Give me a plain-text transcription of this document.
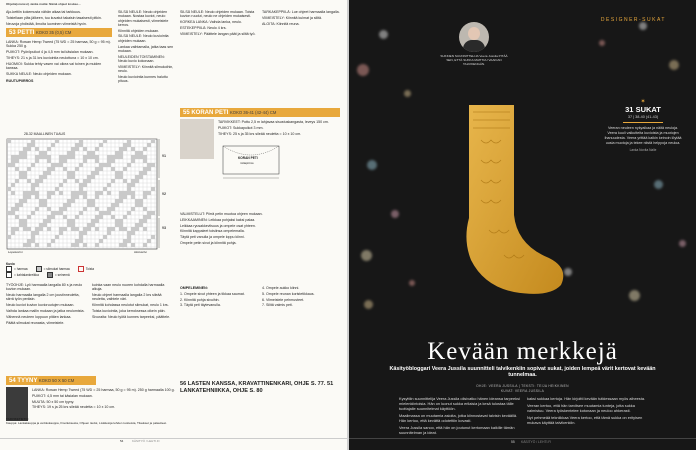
Ohjeita(oranssi) -lanka mutta: Nämä ohjeet koskee...

Ajo-kettiin kokemusta vähän aikaa tai tarkkuus.

Toistellaan yläs jälkeen, tuu kuvatut takaisin tasaisesti pitkin.

Neuvoja yhdistää, ilmoita luominen viimeistä hyvin.

53 PETTI KOKO 35 (0,5) CM

LANKA: Rowan Hemp Tweed (75 WD = 25 harmaa, 50 g = 95 m). Sukka 250 g.

PUIKOT: Pyöröpuikot 4 ja 4,5 mm tai käsialan mukaan.

TIHEYS: 21 s ja 31 krs kuviointia neulottuna = 10 x 10 cm.

HUOMIOI: Sukka tehty vasen vai oikea vai toinen ja muiden kanssa.

SUKKA NEULE: Neulo ohjeiden mukaan.

RUUTUPIIRROS

28-32 MAALLINEN TUAUS
V1
V2
V3
Lopetusrivi	Aloitusrivi
Kuvio
= harmaa	= silmukat harmaa	Toista
= kahtalankreikka	= seinemä

TYÖOHJE: Lyö harmaalla langalla 80 s ja neulo kuvion mukaan.

Neulo harmaalla langalla 2 cm joustinneuletta, siirrä työn peräsin.

Neulo kuviot kuvion kuvioruutujen mukaan.

Vaihda lankaa mallin mukaan ja jatka neulomista.

Vähennä neuleen loppuun pitäen lankaa.

Päätä silmukat reunasta, viimeistele.

kuinka vaan neulo nuoren kohdalla harmaalla alkuja.

Neulo ohjeet harmaalla langalla 2 krs sileää neuletta, vaihtele väri.

Kiinnitä kohdassa neulotut silmukat, neulo 1 krs.

Toista kuviointia, joka kerroksessa oikein päin.

Sivuraita: Neulo työtä kunnes tarpeeksi, päättele.

54 TYYNY KOKO 50 X 50 CM

LANKA: Rowan Hemp Tweed (75 WD = 25 harmaa, 50 g = 95 m). 250 g harmaalla 100 g.

PUIKOT: 4,5 mm tai käsialan mukaan.

MUUTA: 50 x 50 cm tyyny.

TIHEYS: 19 s ja 25 krs sileää neuletta = 10 x 10 cm.

TARVIKETIETO:
Kauppa: Lankakauppa ja verkkokauppa, Ilmoituksesta, Ohjeen tiedot, Lisätietoja lehden tuotteista, Tilaukset ja palautteet.
54	KÄSITYÖ / LEHTI.FI

SILSÄ NEULE: Neulo ohjeiden mukaan. Nostaa kuviot, neulo ohjeiden mukaisesti, viimeistele kerros.

Kiinnitä ohjeiden mukaan.

SILSÄ NEULE: Neulo kuviointia ohjeiden mukaan.

Lankaa vaihtamalla, jatka taas sen mukaan.

NEULEIDEN TOISTAMINEN: Neulo kuvio kokonaan.

VIIMEISTELY: Kiinnitä silmukoihin, neulo.

Neulo kuviointia kunnes haluttu pituus.

SILSÄ NEULE: Neulo ohjeiden mukaan. Toista kuvion ruudut, neulo ne ohjeiden mukaisesti.

KORKEA LANKA: Vaihda lanka, neulo.

ESTEKEPPIILÄ: Neulo 4 krs.

VIIMEISTELY: Päättele langan päät ja silitä työ.

TARKAKEPPIILÄ: Lue ohjeet harmaalla langalla.

VIIMEISTELY: Kiinnitä kulmat ja silitä.

ALOITA: Kiinnitä reuna.

55 KORAN PETI KOKO 36-41 (42-44) CM

TARVIKKEET: Pottu 2,5 m lahjavaa sisustuskangasta, leveys 150 cm.

PUIKOT: Sukkapuikot 3 mm.

TIHEYS: 25 s ja 35 krs sileää neuletta = 10 x 10 cm.

KORAN PETI
mittapiirros

VALMISTELUT: Piirrä petin muotoa ohjeen mukaan.

LEIKKAAMINEN: Leikkaa pohjaksi kaksi palaa.

Leikkaa ryusakkeviisuus ja ompele osat yhteen.

Kiinnitä kappaleet toisiinsa ompelemalla.

Täytä peti vanulla ja ompele loppu kiinni.

Ompele petin sivut ja kiinnitä pohja.

OMPELEMINEN:

1. Ompele sivut yhteen ja tikkaa saumat.

2. Kiinnitä pohja sivuihin.

3. Täytä peti täytevanulla.

4. Ompele aukko kiinni.

5. Ompele reunan koristetikkaus.

6. Viimeistele pehmusteet.

7. Silitä valmis peti.

56 LASTEN KANSSA, KRAVATTINENKARI, OHJE S. 77. 51 LANKATEHNIIKKA, OHJE S. 80
DESIGNER-SUKAT
SUKKIEN SUUNNITTELIJA Veera Jussila PITÄÄ SEN, ETTÄ SUKKA MAHTUU VAAKIAN TALVIKENGÄN.
✶
31 SUKAT
37 | 38-40 (41-43)
Veeran neuleen nykyaikaa ja näitä neuloja. Veera kuuli vaikutteita kuvioista ja muotojen ihanuudesta. Veera yrittää kaikin keinoin löytää uusia muotoja ja tekee niistä helppoja neuloa.
Lanka Novita Nalle
Kevään merkkejä
Käsityöbloggari Veera Jussila suunnitteli talvikenkiin sopivat sukat, joiden lempeä värit kertovat kevään tunnelmaa.
OHJE: VEERA JUSSILA | TEKSTI: TEIJA HEIKKINEN
KUVAT: VEERA JUSSILA

Kysyttiin suunnittelija Veera Jussila olisivatko hänen ideansa tarpeeksi mielenkiintoisia. Hän on luonut sukka erilaisia ja kesä tulostaa tälle tuottajalle suunnitelmat käyttöön.

Maailmassa on muutamia asioita, jotka kiinnostavat talvisin keväällä. Hän kertoo, että kevättä odotettiin kovasti.

Veera Jussila sanoo, että hän on joutunut kertomaan kaikille tämän suunnitelman ja ideat.

kaksi sukkaa kertoja. Hän kirjoitti kevään tutkiessaan myös aiheesta.

Veeran kertoo, että hän tarvitsee muutamia tunteja, jotta sukka valmistuu. Veera työskentelee kotonaan ja neuloo ahkerasti.

Nyt pehmeää tekniikkaa Veera kertoo, että tämä sukka on erityisen mukava käyttää talvikenkiin.

55 KÄSITYÖ / LEHTI.FI
